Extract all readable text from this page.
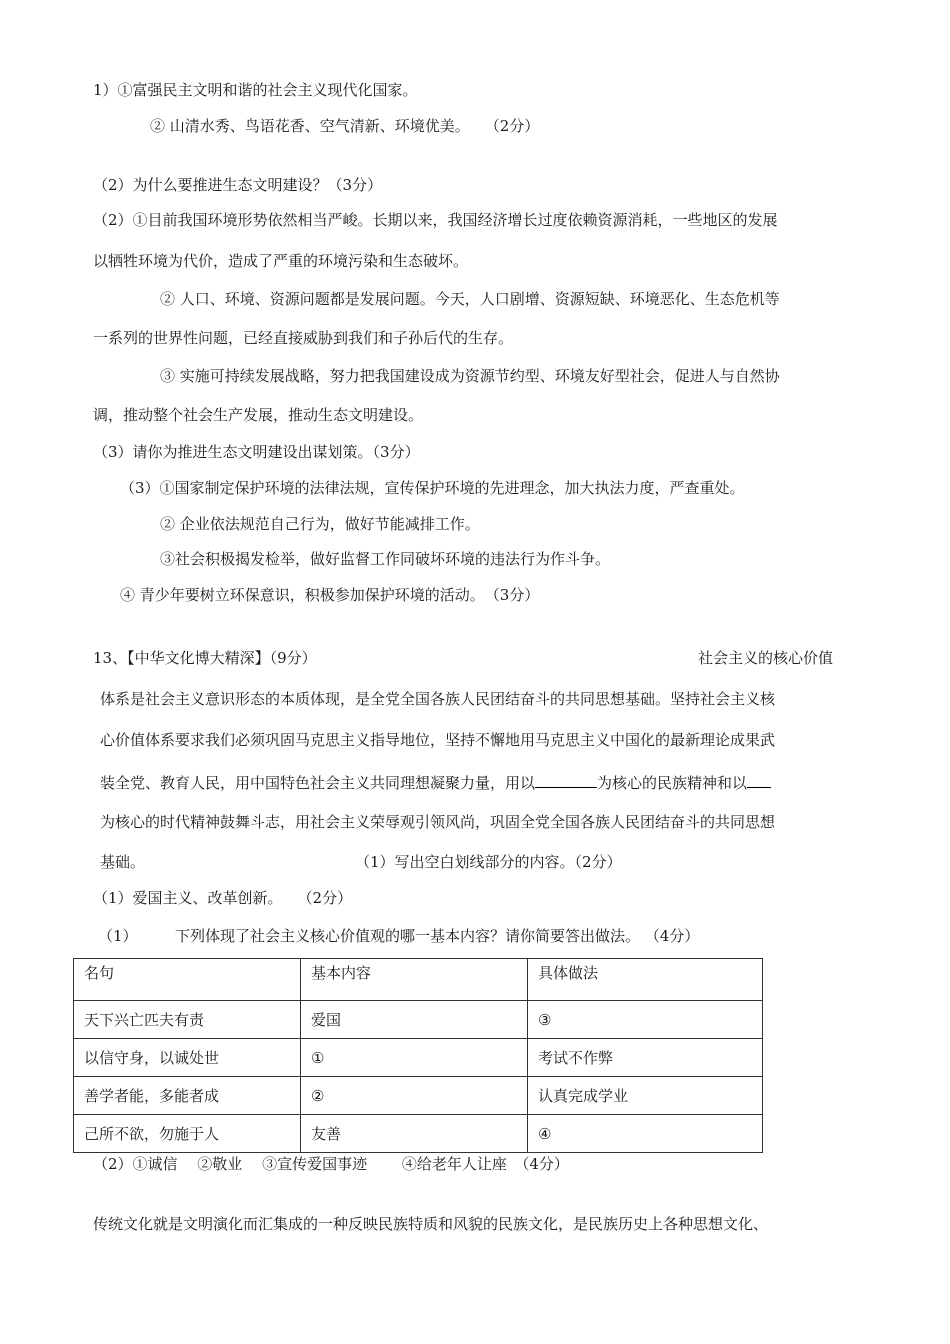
1）①富强民主文明和谐的社会主义现代化国家。
② 山清水秀、鸟语花香、空气清新、环境优美。　　（2分）
（2）为什么要推进生态文明建设？（3分）
（2）①目前我国环境形势依然相当严峻。长期以来，我国经济增长过度依赖资源消耗，一些地区的发展
以牺牲环境为代价，造成了严重的环境污染和生态破坏。
② 人口、环境、资源问题都是发展问题。今天，人口剧增、资源短缺、环境恶化、生态危机等
一系列的世界性问题，已经直接威胁到我们和子孙后代的生存。
③ 实施可持续发展战略，努力把我国建设成为资源节约型、环境友好型社会，促进人与自然协
调，推动整个社会生产发展，推动生态文明建设。
（3）请你为推进生态文明建设出谋划策。（3分）
（3）①国家制定保护环境的法律法规，宣传保护环境的先进理念，加大执法力度，严查重处。
② 企业依法规范自己行为，做好节能减排工作。
③社会积极揭发检举，做好监督工作同破坏环境的违法行为作斗争。
④ 青少年要树立环保意识，积极参加保护环境的活动。　（3分）
13、【中华文化博大精深】（9分）	社会主义的核心价值
体系是社会主义意识形态的本质体现，是全党全国各族人民团结奋斗的共同思想基础。坚持社会主义核
心价值体系要求我们必须巩固马克思主义指导地位，坚持不懈地用马克思主义中国化的最新理论成果武
装全党、教育人民，用中国特色社会主义共同理想凝聚力量，用以	为核心的民族精神和以
为核心的时代精神鼓舞斗志，用社会主义荣辱观引领风尚，巩固全党全国各族人民团结奋斗的共同思想
基础。	（1）写出空白划线部分的内容。（2分）
（1）爱国主义、改革创新。　　（2分）
（1） 下列体现了社会主义核心价值观的哪一基本内容？请你简要答出做法。 （4分）
名句	基本内容	具体做法
天下兴亡匹夫有责	爱国	③
以信守身，以诚处世	①	考试不作弊
善学者能，多能者成	②	认真完成学业
己所不欲，勿施于人	友善	④
（2）①诚信　 ②敬业　 ③宣传爱国事迹　　 ④给老年人让座　（4分）
传统文化就是文明演化而汇集成的一种反映民族特质和风貌的民族文化，是民族历史上各种思想文化、
